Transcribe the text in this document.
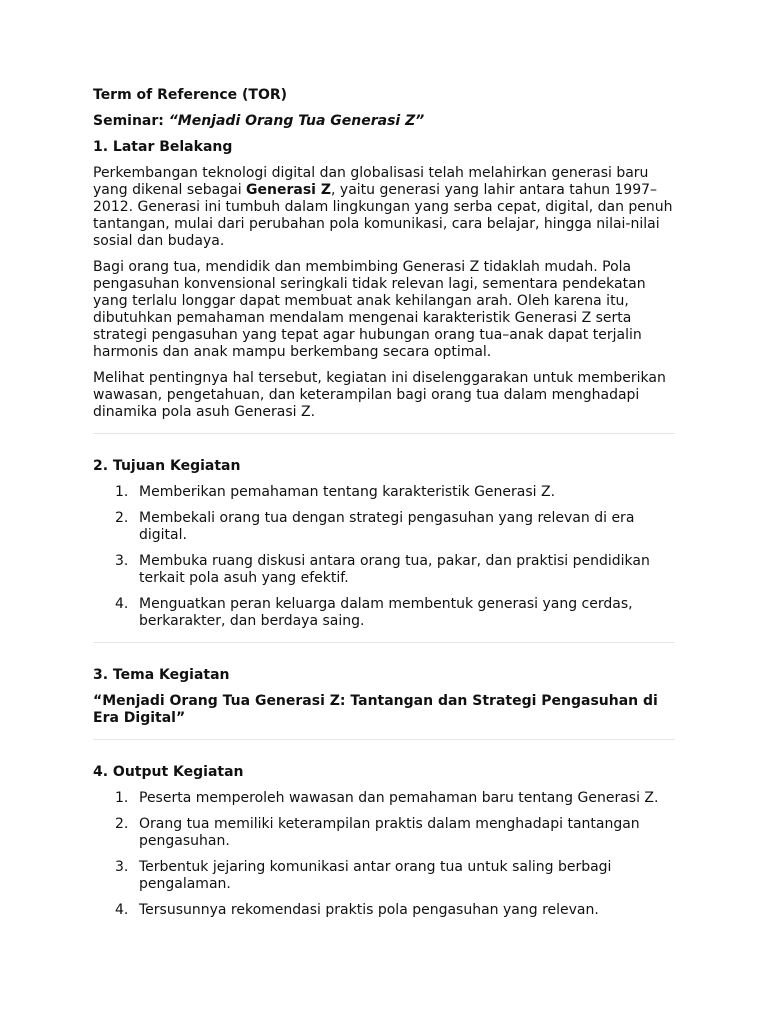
Term of Reference (TOR)
Seminar: “Menjadi Orang Tua Generasi Z”
1. Latar Belakang

Perkembangan teknologi digital dan globalisasi telah melahirkan generasi baru yang dikenal sebagai Generasi Z, yaitu generasi yang lahir antara tahun 1997–2012. Generasi ini tumbuh dalam lingkungan yang serba cepat, digital, dan penuh tantangan, mulai dari perubahan pola komunikasi, cara belajar, hingga nilai-nilai sosial dan budaya.

Bagi orang tua, mendidik dan membimbing Generasi Z tidaklah mudah. Pola pengasuhan konvensional seringkali tidak relevan lagi, sementara pendekatan yang terlalu longgar dapat membuat anak kehilangan arah. Oleh karena itu, dibutuhkan pemahaman mendalam mengenai karakteristik Generasi Z serta strategi pengasuhan yang tepat agar hubungan orang tua–anak dapat terjalin harmonis dan anak mampu berkembang secara optimal.

Melihat pentingnya hal tersebut, kegiatan ini diselenggarakan untuk memberikan wawasan, pengetahuan, dan keterampilan bagi orang tua dalam menghadapi dinamika pola asuh Generasi Z.

2. Tujuan Kegiatan
1. Memberikan pemahaman tentang karakteristik Generasi Z.
2. Membekali orang tua dengan strategi pengasuhan yang relevan di era digital.
3. Membuka ruang diskusi antara orang tua, pakar, dan praktisi pendidikan terkait pola asuh yang efektif.
4. Menguatkan peran keluarga dalam membentuk generasi yang cerdas, berkarakter, dan berdaya saing.
3. Tema Kegiatan
“Menjadi Orang Tua Generasi Z: Tantangan dan Strategi Pengasuhan di Era Digital”
4. Output Kegiatan
1. Peserta memperoleh wawasan dan pemahaman baru tentang Generasi Z.
2. Orang tua memiliki keterampilan praktis dalam menghadapi tantangan pengasuhan.
3. Terbentuk jejaring komunikasi antar orang tua untuk saling berbagi pengalaman.
4. Tersusunnya rekomendasi praktis pola pengasuhan yang relevan.
